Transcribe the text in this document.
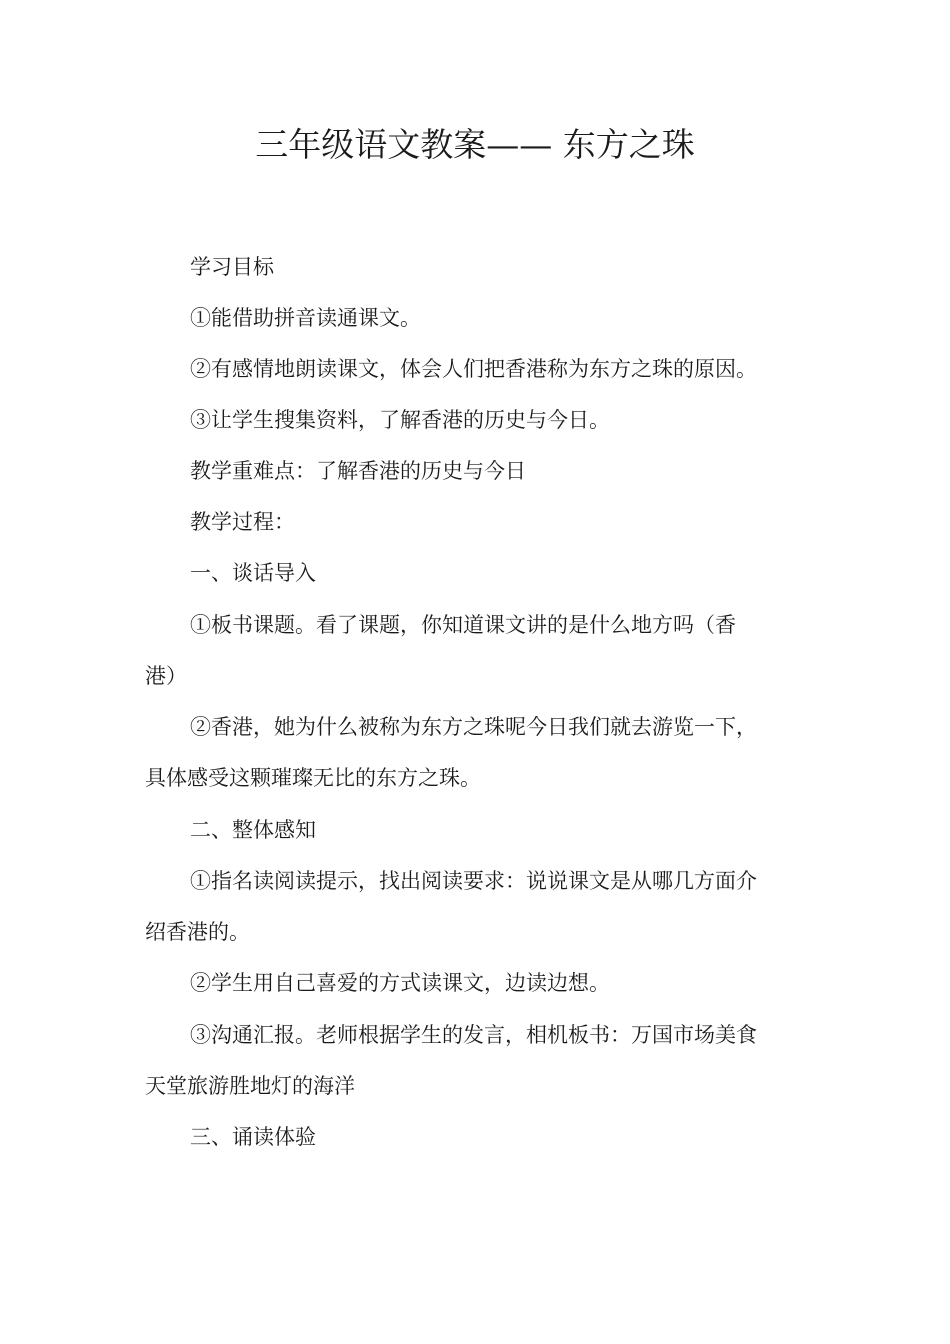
三年级语文教案—— 东方之珠
学习目标
①能借助拼音读通课文。
②有感情地朗读课文，体会人们把香港称为东方之珠的原因。
③让学生搜集资料，了解香港的历史与今日。
教学重难点：了解香港的历史与今日
教学过程：
一、谈话导入
①板书课题。看了课题，你知道课文讲的是什么地方吗（香
港）
②香港，她为什么被称为东方之珠呢今日我们就去游览一下，
具体感受这颗璀璨无比的东方之珠。
二、整体感知
①指名读阅读提示，找出阅读要求：说说课文是从哪几方面介
绍香港的。
②学生用自己喜爱的方式读课文，边读边想。
③沟通汇报。老师根据学生的发言，相机板书：万国市场美食
天堂旅游胜地灯的海洋
三、诵读体验
